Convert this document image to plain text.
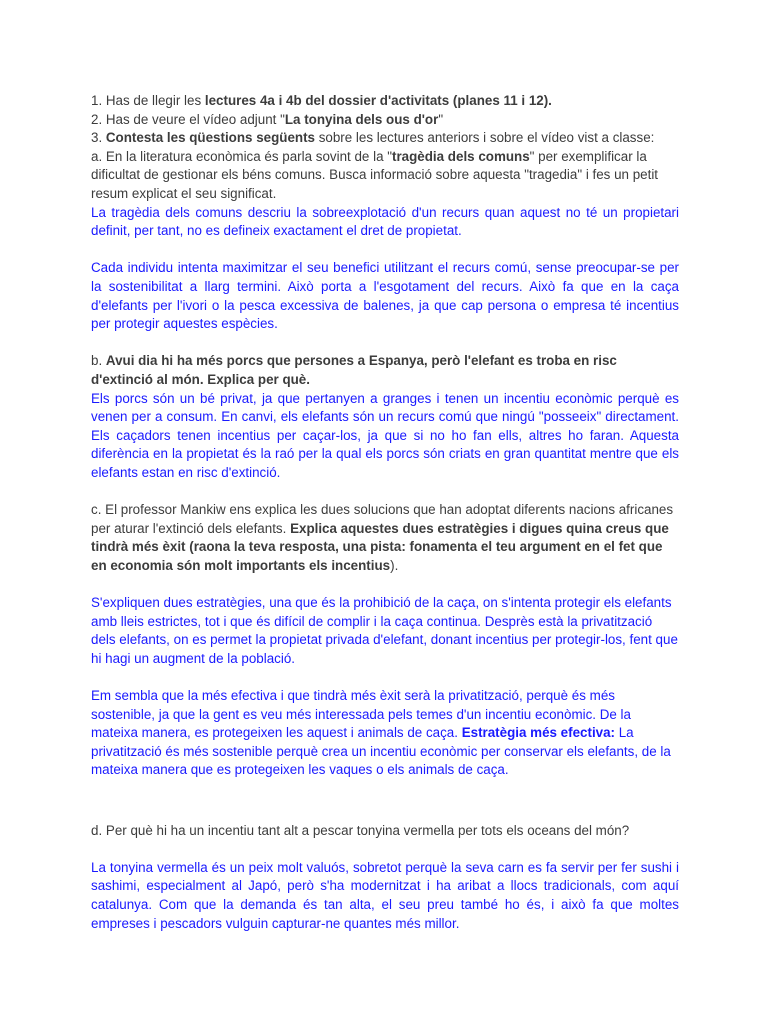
1. Has de llegir les lectures 4a i 4b del dossier d'activitats (planes 11 i 12).

2. Has de veure el vídeo adjunt "La tonyina dels ous d'or"

3. Contesta les qüestions següents sobre les lectures anteriors i sobre el vídeo vist a classe:

a. En la literatura econòmica és parla sovint de la "tragèdia dels comuns" per exemplificar la dificultat de gestionar els béns comuns. Busca informació sobre aquesta "tragedia" i fes un petit resum explicat el seu significat.

La tragèdia dels comuns descriu la sobreexplotació d'un recurs quan aquest no té un propietari definit, per tant, no es defineix exactament el dret de propietat.

Cada individu intenta maximitzar el seu benefici utilitzant el recurs comú, sense preocupar-se per la sostenibilitat a llarg termini. Això porta a l'esgotament del recurs. Això fa que en la caça d'elefants per l'ivori o la pesca excessiva de balenes, ja que cap persona o empresa té incentius per protegir aquestes espècies.

b. Avui dia hi ha més porcs que persones a Espanya, però l'elefant es troba en risc d'extinció al món. Explica per què.

Els porcs són un bé privat, ja que pertanyen a granges i tenen un incentiu econòmic perquè es venen per a consum. En canvi, els elefants són un recurs comú que ningú "posseeix" directament. Els caçadors tenen incentius per caçar-los, ja que si no ho fan ells, altres ho faran. Aquesta diferència en la propietat és la raó per la qual els porcs són criats en gran quantitat mentre que els elefants estan en risc d'extinció.

c. El professor Mankiw ens explica les dues solucions que han adoptat diferents nacions africanes per aturar l'extinció dels elefants. Explica aquestes dues estratègies i digues quina creus que tindrà més èxit (raona la teva resposta, una pista: fonamenta el teu argument en el fet que en economia són molt importants els incentius).

S'expliquen dues estratègies, una que és la prohibició de la caça, on s'intenta protegir els elefants amb lleis estrictes, tot i que és difícil de complir i la caça continua. Desprès està la privatització dels elefants, on es permet la propietat privada d'elefant, donant incentius per protegir-los, fent que hi hagi un augment de la població.

Em sembla que la més efectiva i que tindrà més èxit serà la privatització, perquè és més sostenible, ja que la gent es veu més interessada pels temes d'un incentiu econòmic. De la mateixa manera, es protegeixen les aquest i animals de caça. Estratègia més efectiva: La privatització és més sostenible perquè crea un incentiu econòmic per conservar els elefants, de la mateixa manera que es protegeixen les vaques o els animals de caça.

d. Per què hi ha un incentiu tant alt a pescar tonyina vermella per tots els oceans del món?

La tonyina vermella és un peix molt valuós, sobretot perquè la seva carn es fa servir per fer sushi i sashimi, especialment al Japó, però s'ha modernitzat i ha aribat a llocs tradicionals, com aquí catalunya. Com que la demanda és tan alta, el seu preu també ho és, i això fa que moltes empreses i pescadors vulguin capturar-ne quantes més millor.
